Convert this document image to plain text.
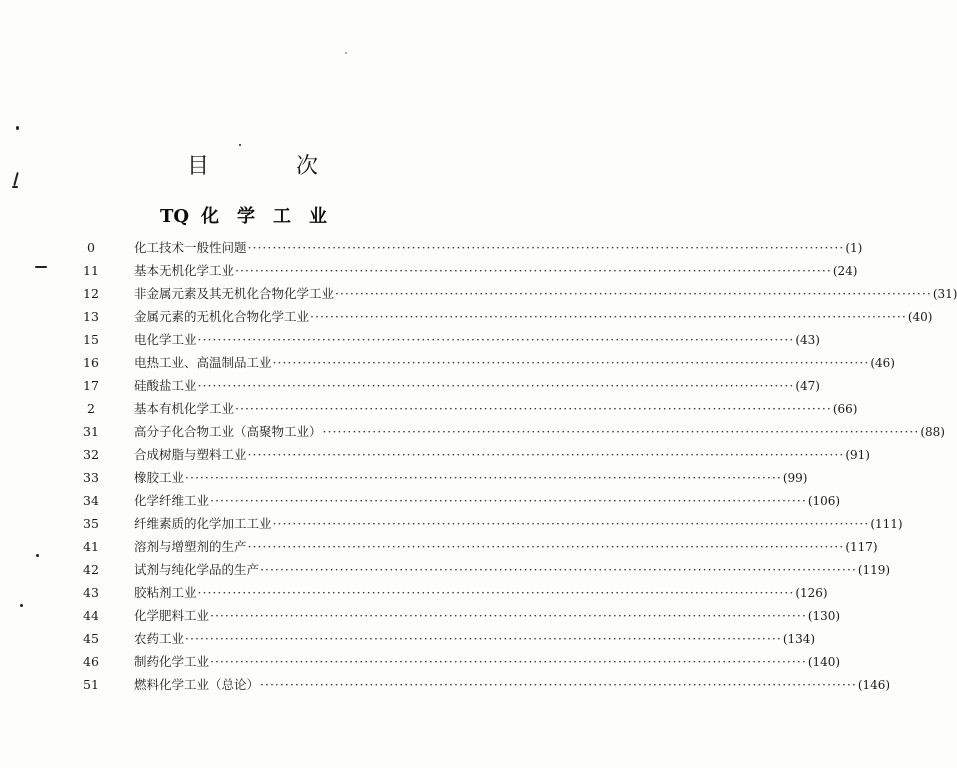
目 次
TQ 化学工业
0	化工技术一般性问题 ························································································································ (1)
11	基本无机化学工业 ························································································································ (24)
12	非金属元素及其无机化合物化学工业 ························································································································ (31)
13	金属元素的无机化合物化学工业 ························································································································ (40)
15	电化学工业 ························································································································ (43)
16	电热工业、高温制品工业 ························································································································ (46)
17	硅酸盐工业 ························································································································ (47)
2	基本有机化学工业 ························································································································ (66)
31	高分子化合物工业（高聚物工业） ························································································································ (88)
32	合成树脂与塑料工业 ························································································································ (91)
33	橡胶工业 ························································································································ (99)
34	化学纤维工业 ························································································································ (106)
35	纤维素质的化学加工工业 ························································································································ (111)
41	溶剂与增塑剂的生产 ························································································································ (117)
42	试剂与纯化学品的生产 ························································································································ (119)
43	胶粘剂工业 ························································································································ (126)
44	化学肥料工业 ························································································································ (130)
45	农药工业 ························································································································ (134)
46	制药化学工业 ························································································································ (140)
51	燃料化学工业（总论） ························································································································ (146)
